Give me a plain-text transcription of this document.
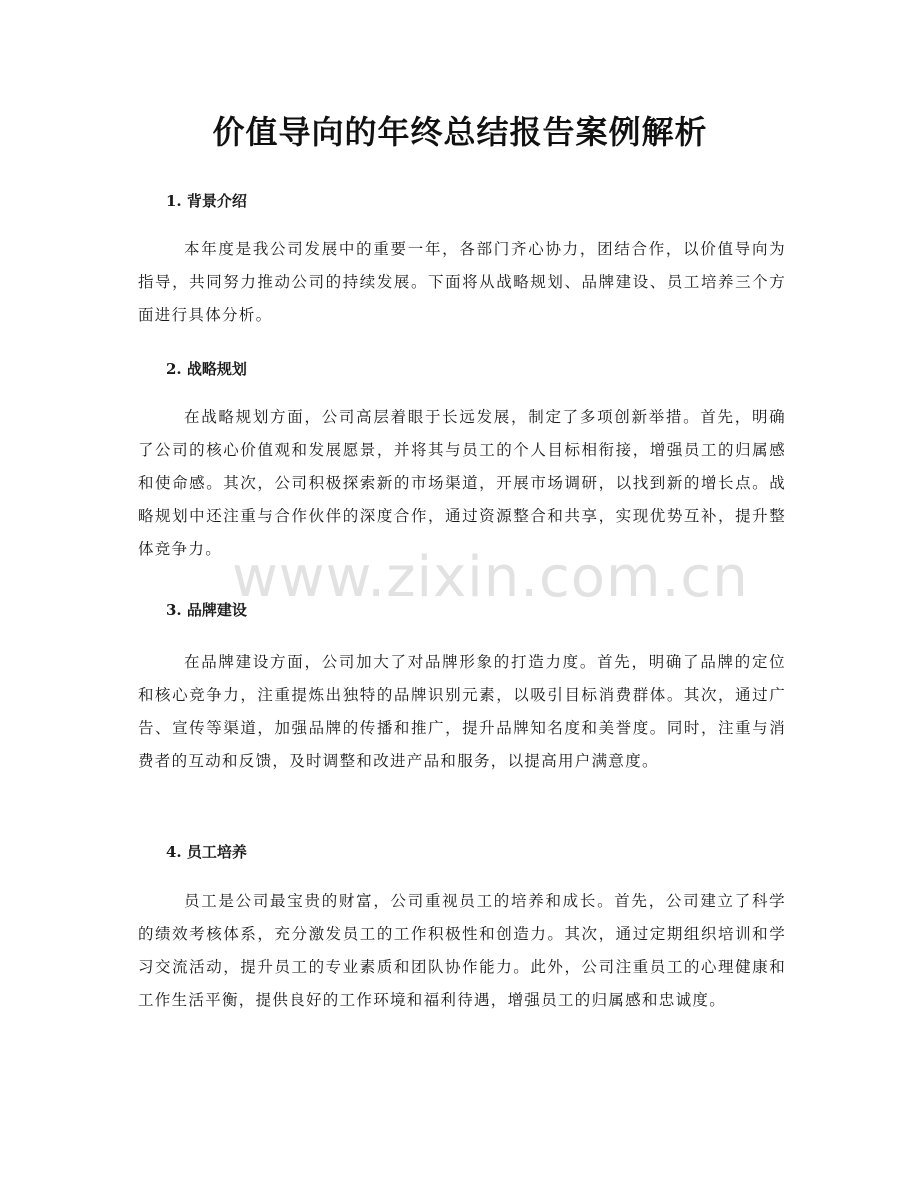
价值导向的年终总结报告案例解析
1. 背景介绍

本年度是我公司发展中的重要一年，各部门齐心协力，团结合作，以价值导向为指导，共同努力推动公司的持续发展。下面将从战略规划、品牌建设、员工培养三个方面进行具体分析。

2. 战略规划

在战略规划方面，公司高层着眼于长远发展，制定了多项创新举措。首先，明确了公司的核心价值观和发展愿景，并将其与员工的个人目标相衔接，增强员工的归属感和使命感。其次，公司积极探索新的市场渠道，开展市场调研，以找到新的增长点。战略规划中还注重与合作伙伴的深度合作，通过资源整合和共享，实现优势互补，提升整体竞争力。

3. 品牌建设

在品牌建设方面，公司加大了对品牌形象的打造力度。首先，明确了品牌的定位和核心竞争力，注重提炼出独特的品牌识别元素，以吸引目标消费群体。其次，通过广告、宣传等渠道，加强品牌的传播和推广，提升品牌知名度和美誉度。同时，注重与消费者的互动和反馈，及时调整和改进产品和服务，以提高用户满意度。

4. 员工培养

员工是公司最宝贵的财富，公司重视员工的培养和成长。首先，公司建立了科学的绩效考核体系，充分激发员工的工作积极性和创造力。其次，通过定期组织培训和学习交流活动，提升员工的专业素质和团队协作能力。此外，公司注重员工的心理健康和工作生活平衡，提供良好的工作环境和福利待遇，增强员工的归属感和忠诚度。

www.zixin.com.cn
